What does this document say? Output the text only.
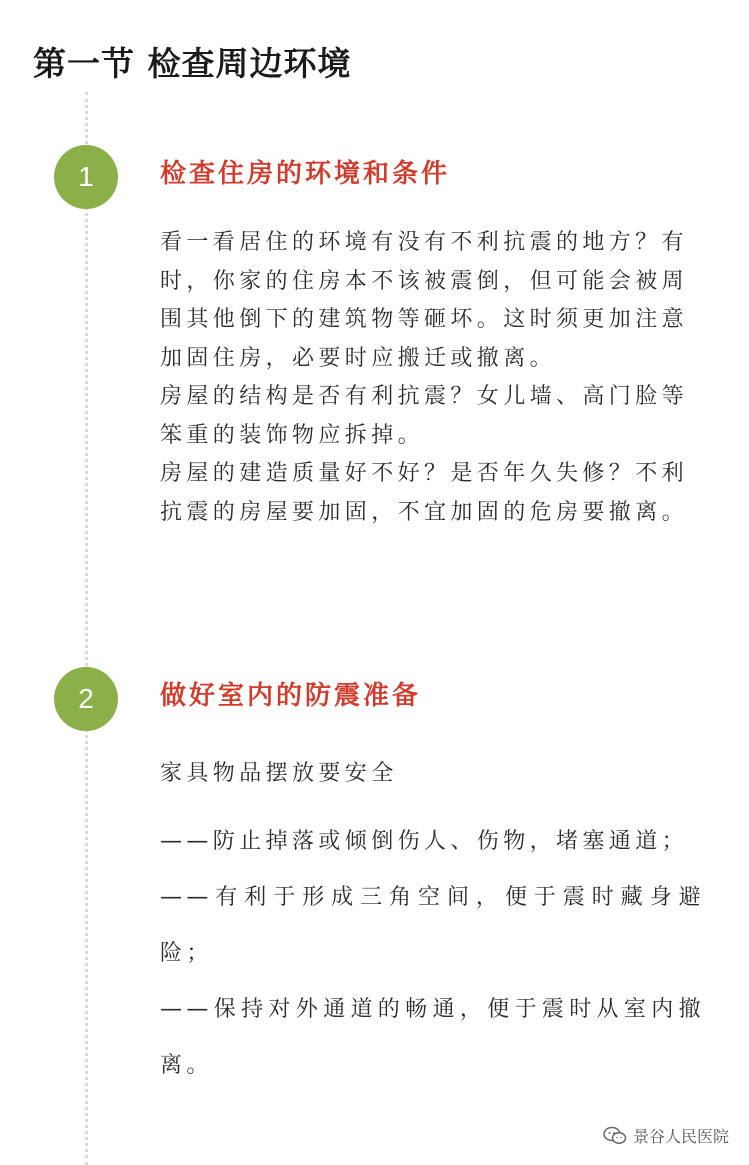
第一节 检查周边环境
1	检查住房的环境和条件

看一看居住的环境有没有不利抗震的地方？有时，你家的住房本不该被震倒，但可能会被周围其他倒下的建筑物等砸坏。这时须更加注意加固住房，必要时应搬迁或撤离。

房屋的结构是否有利抗震？女儿墙、高门脸等笨重的装饰物应拆掉。

房屋的建造质量好不好？是否年久失修？不利抗震的房屋要加固，不宜加固的危房要撤离。

2	做好室内的防震准备

家具物品摆放要安全

——防止掉落或倾倒伤人、伤物，堵塞通道；

——有利于形成三角空间，便于震时藏身避险；

——保持对外通道的畅通，便于震时从室内撤离。

景谷人民医院
